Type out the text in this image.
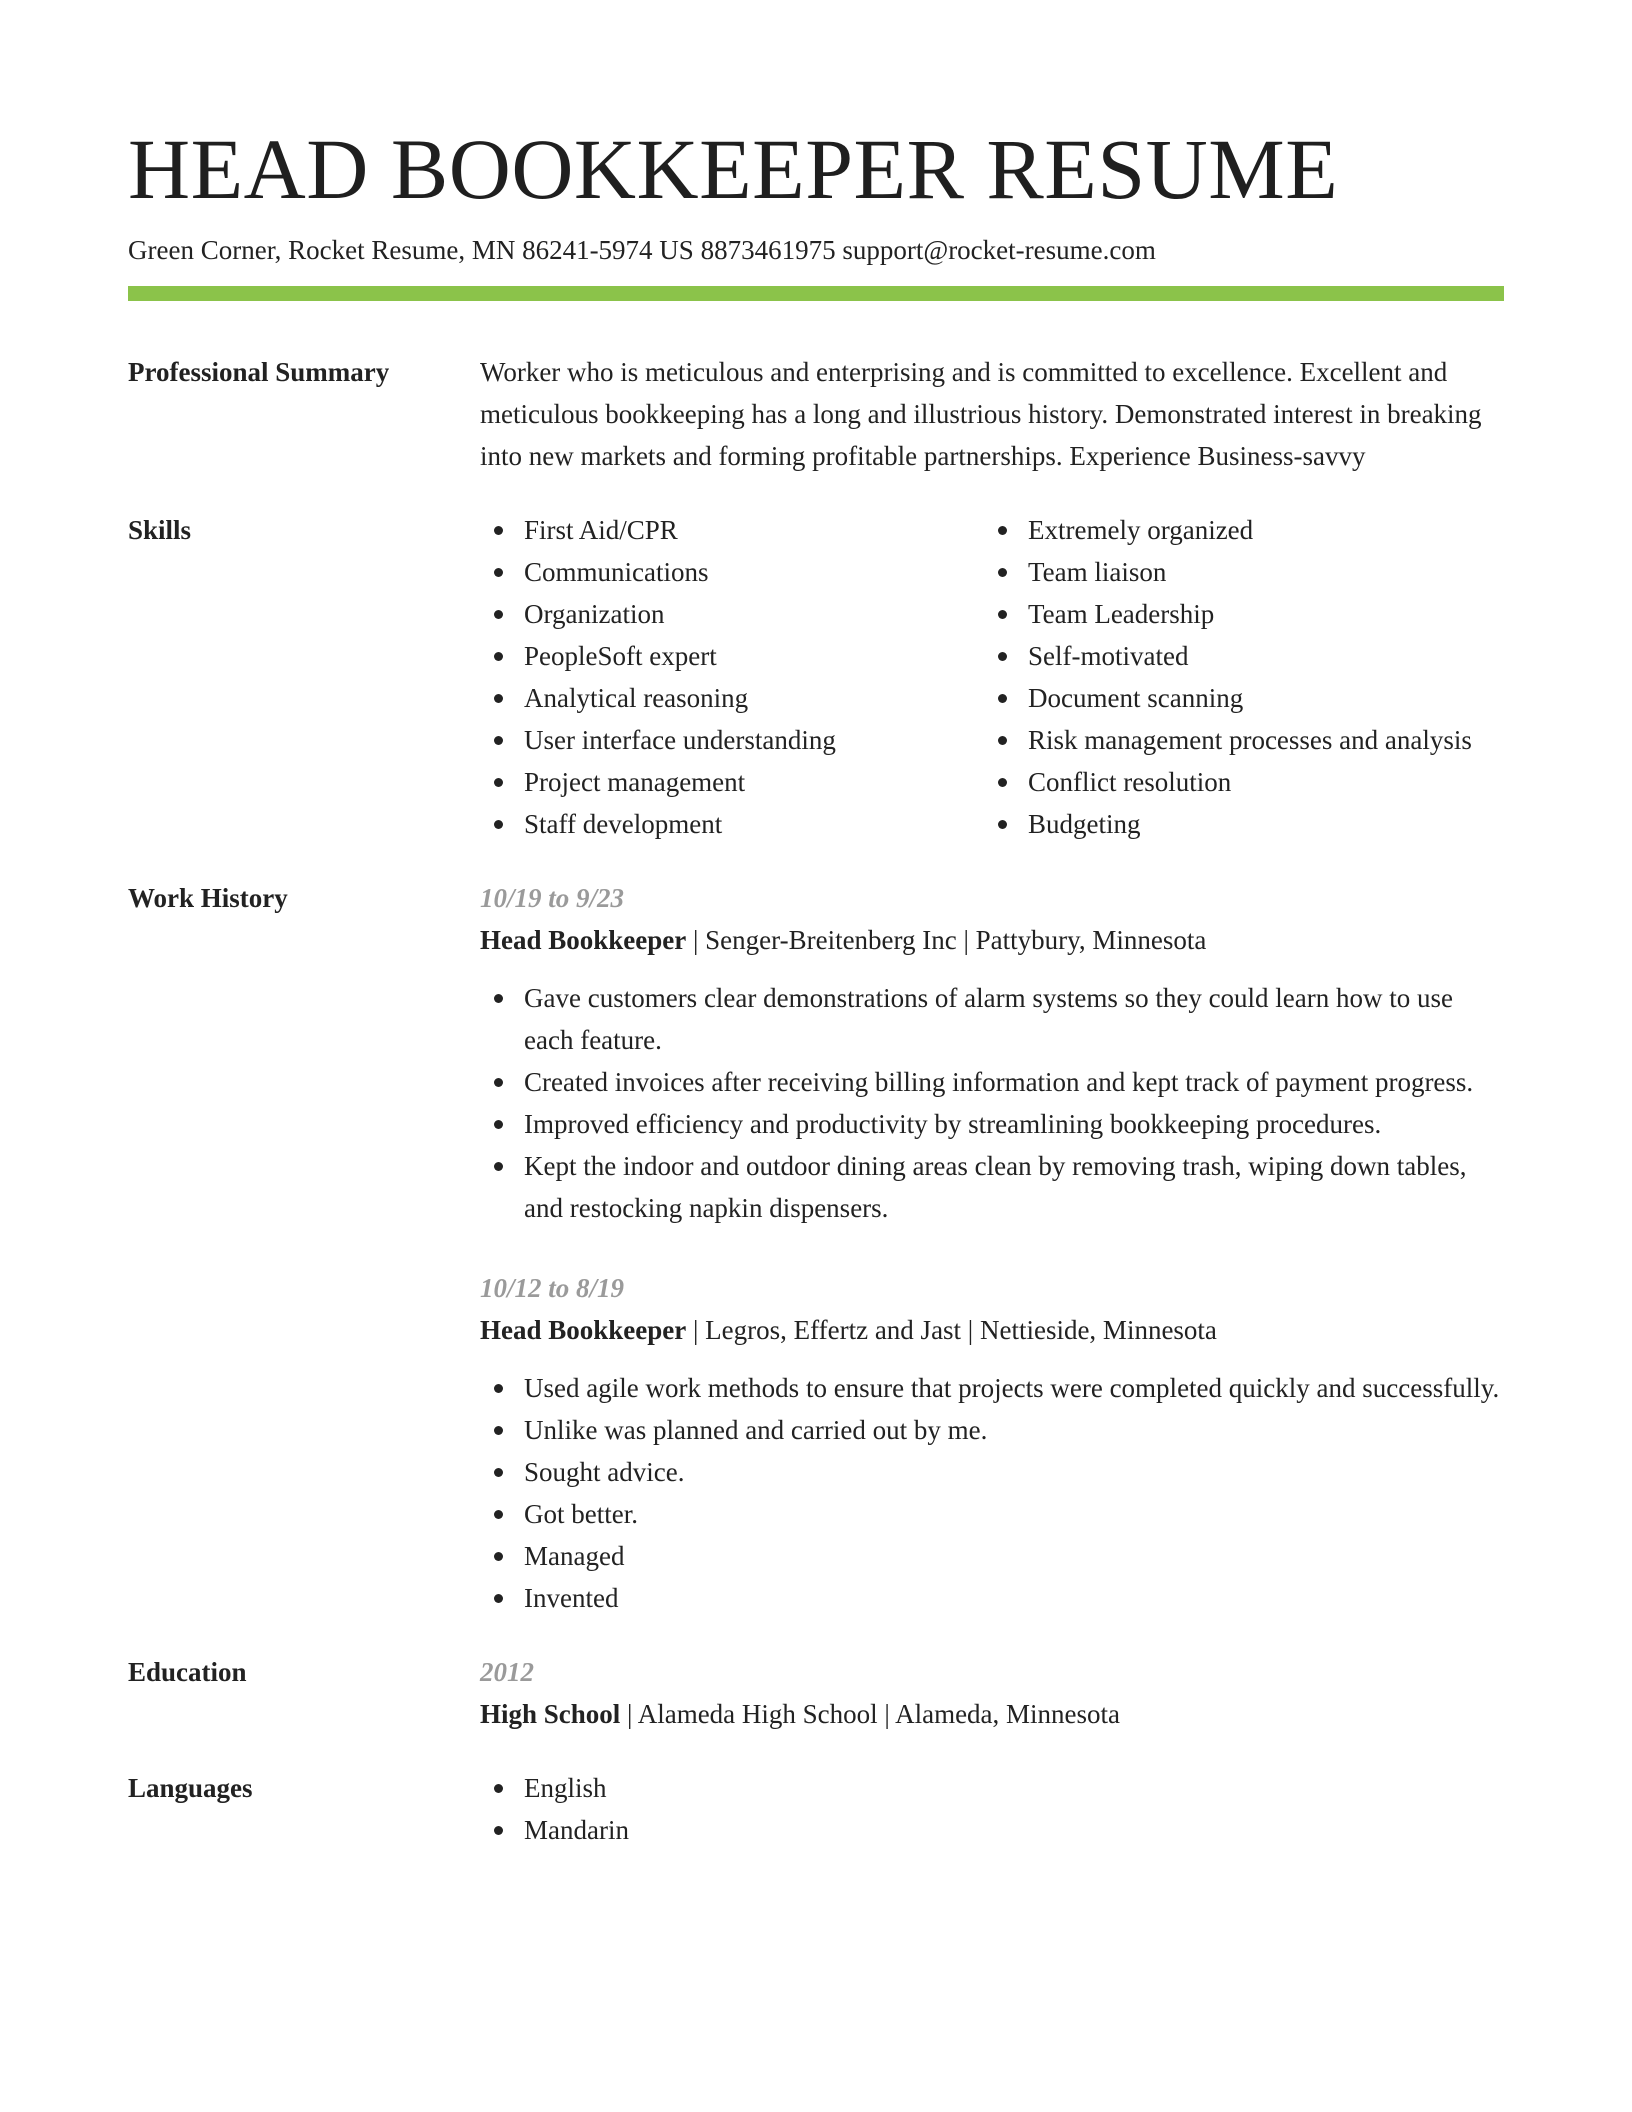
HEAD BOOKKEEPER RESUME
Green Corner, Rocket Resume, MN 86241-5974 US 8873461975 support@rocket-resume.com
Professional Summary	Worker who is meticulous and enterprising and is committed to excellence. Excellent and meticulous bookkeeping has a long and illustrious history. Demonstrated interest in breaking into new markets and forming profitable partnerships. Experience Business-savvy

Skills	First Aid/CPR
Communications
Organization
PeopleSoft expert
Analytical reasoning
User interface understanding
Project management
Staff development
Extremely organized
Team liaison
Team Leadership
Self-motivated
Document scanning
Risk management processes and analysis
Conflict resolution
Budgeting
Work History	10/19 to 9/23
Head Bookkeeper | Senger-Breitenberg Inc | Pattybury, Minnesota
Gave customers clear demonstrations of alarm systems so they could learn how to use each feature.
Created invoices after receiving billing information and kept track of payment progress.
Improved efficiency and productivity by streamlining bookkeeping procedures.
Kept the indoor and outdoor dining areas clean by removing trash, wiping down tables, and restocking napkin dispensers.
10/12 to 8/19
Head Bookkeeper | Legros, Effertz and Jast | Nettieside, Minnesota
Used agile work methods to ensure that projects were completed quickly and successfully.
Unlike was planned and carried out by me.
Sought advice.
Got better.
Managed
Invented
Education	2012
High School | Alameda High School | Alameda, Minnesota
Languages	English
Mandarin
